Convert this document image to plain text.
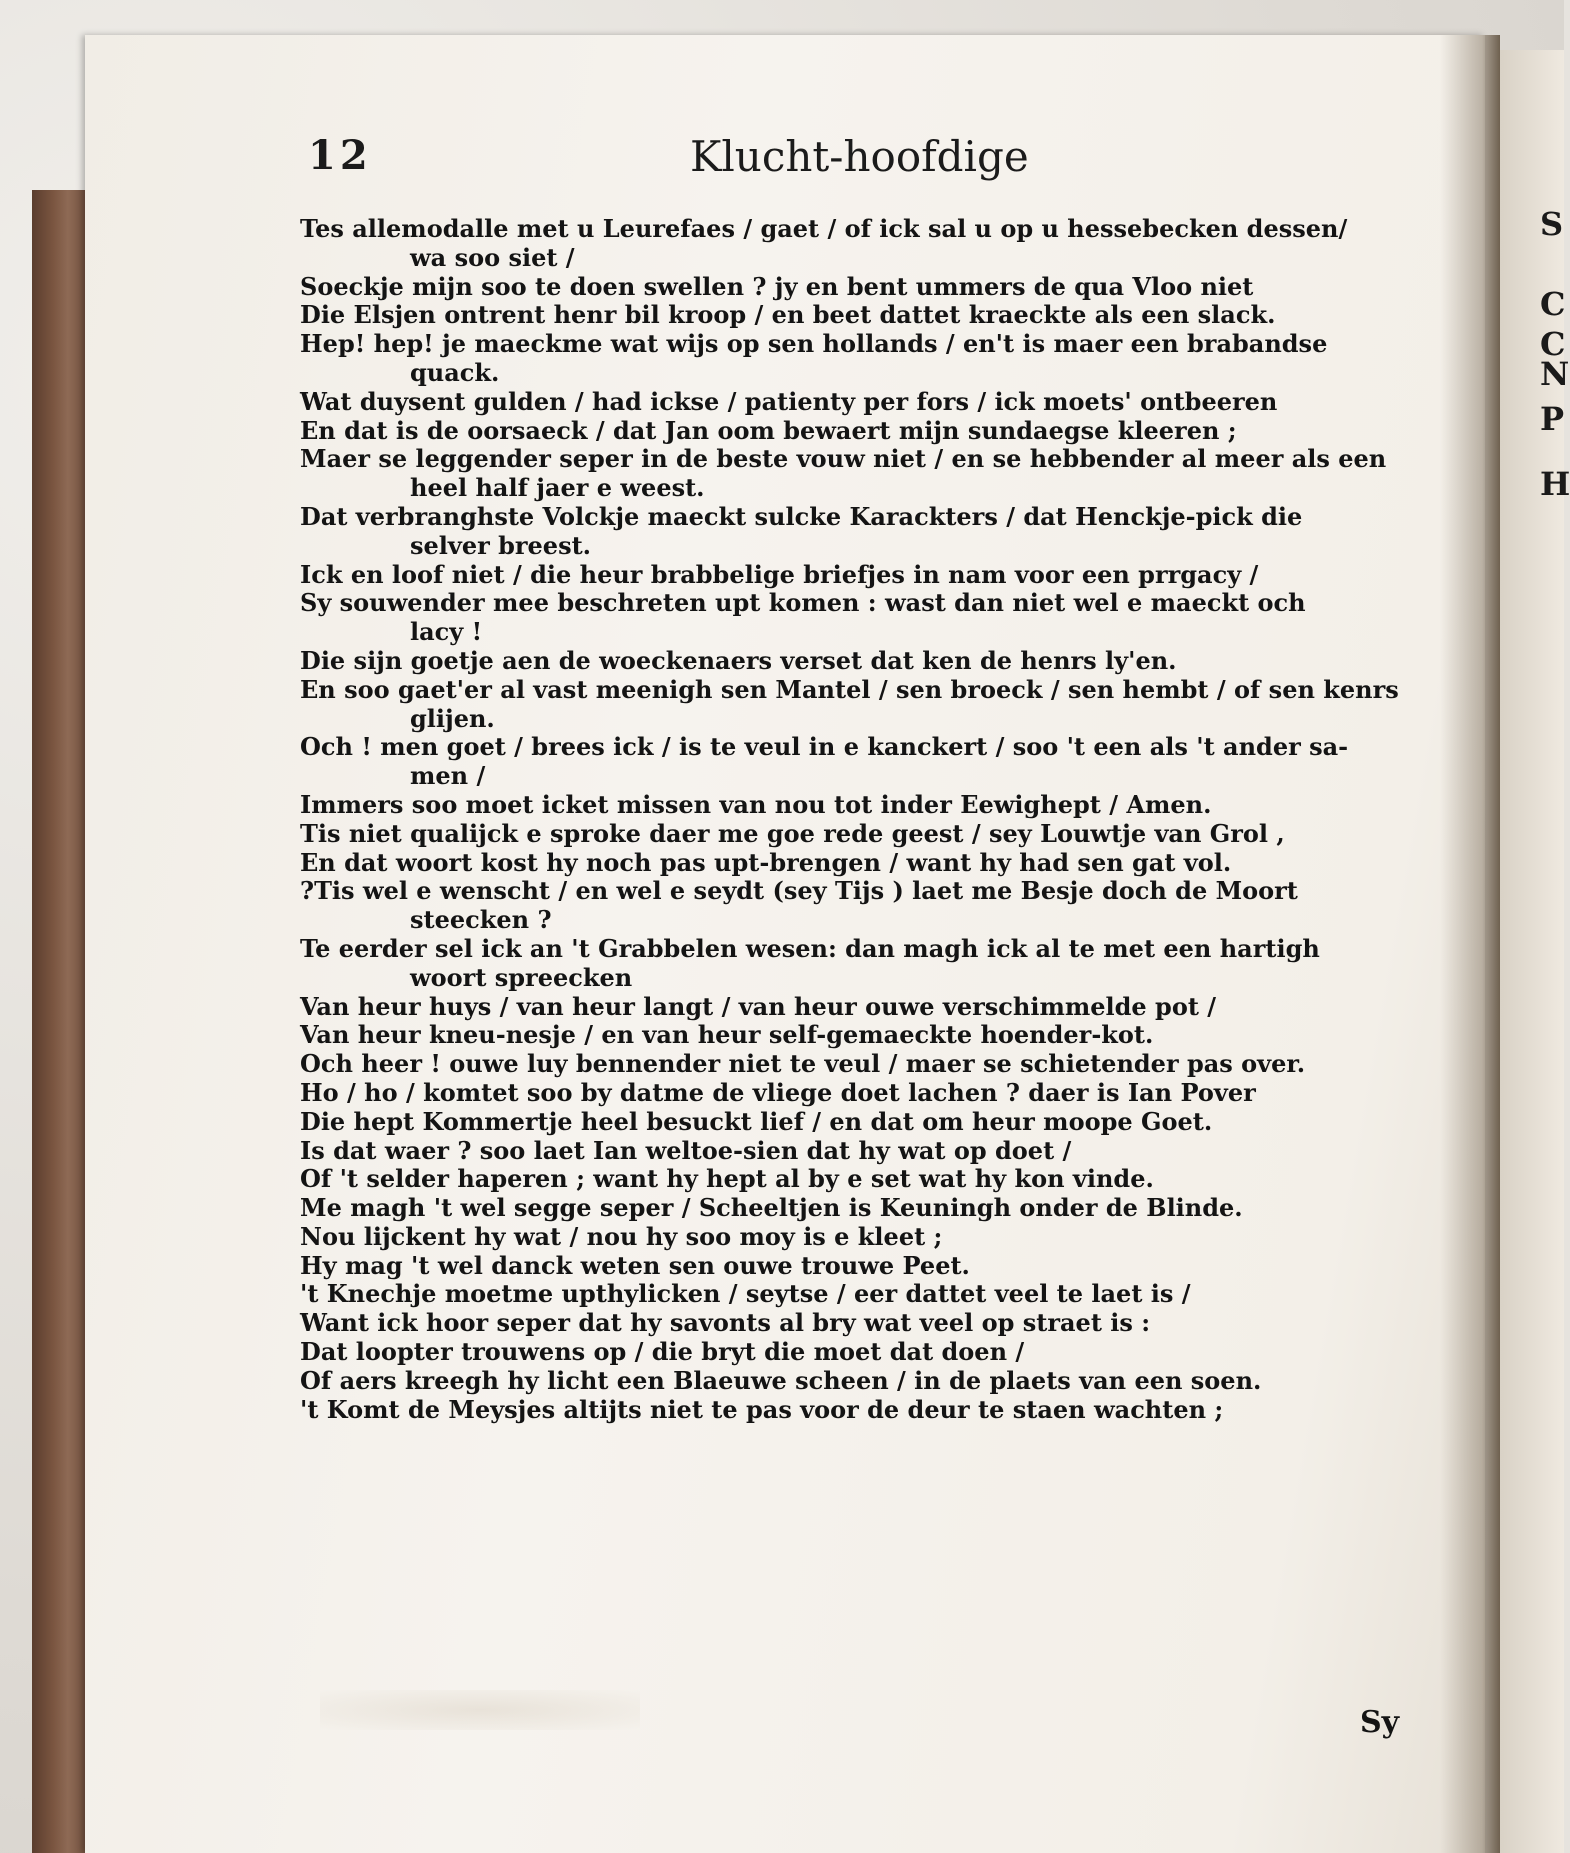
S
C
C
N
P
H
12	Klucht-hoofdige
Tes allemodalle met u Leurefaes / gaet / of ick sal u op u hessebecken dessen/
wa soo siet /
Soeckje mijn soo te doen swellen ? jy en bent ummers de qua Vloo niet
Die Elsjen ontrent henr bil kroop / en beet dattet kraeckte als een slack.
Hep! hep! je maeckme wat wijs op sen hollands / en't is maer een brabandse
quack.
Wat duysent gulden / had ickse / patienty per fors / ick moets' ontbeeren
En dat is de oorsaeck / dat Jan oom bewaert mijn sundaegse kleeren ;
Maer se leggender seper in de beste vouw niet / en se hebbender al meer als een
heel half jaer e weest.
Dat verbranghste Volckje maeckt sulcke Karackters / dat Henckje-pick die
selver breest.
Ick en loof niet / die heur brabbelige briefjes in nam voor een prrgacy /
Sy souwender mee beschreten upt komen : wast dan niet wel e maeckt och
lacy !
Die sijn goetje aen de woeckenaers verset dat ken de henrs ly'en.
En soo gaet'er al vast meenigh sen Mantel / sen broeck / sen hembt / of sen kenrs
glijen.
Och ! men goet / brees ick / is te veul in e kanckert / soo 't een als 't ander sa-
men /
Immers soo moet icket missen van nou tot inder Eewighept / Amen.
Tis niet qualijck e sproke daer me goe rede geest / sey Louwtje van Grol ,
En dat woort kost hy noch pas upt-brengen / want hy had sen gat vol.
?Tis wel e wenscht / en wel e seydt (sey Tijs ) laet me Besje doch de Moort
steecken ?
Te eerder sel ick an 't Grabbelen wesen: dan magh ick al te met een hartigh
woort spreecken
Van heur huys / van heur langt / van heur ouwe verschimmelde pot /
Van heur kneu-nesje / en van heur self-gemaeckte hoender-kot.
Och heer ! ouwe luy bennender niet te veul / maer se schietender pas over.
Ho / ho / komtet soo by datme de vliege doet lachen ? daer is Ian Pover
Die hept Kommertje heel besuckt lief / en dat om heur moope Goet.
Is dat waer ? soo laet Ian weltoe-sien dat hy wat op doet /
Of 't selder haperen ; want hy hept al by e set wat hy kon vinde.
Me magh 't wel segge seper / Scheeltjen is Keuningh onder de Blinde.
Nou lijckent hy wat / nou hy soo moy is e kleet ;
Hy mag 't wel danck weten sen ouwe trouwe Peet.
't Knechje moetme upthylicken / seytse / eer dattet veel te laet is /
Want ick hoor seper dat hy savonts al bry wat veel op straet is :
Dat loopter trouwens op / die bryt die moet dat doen /
Of aers kreegh hy licht een Blaeuwe scheen / in de plaets van een soen.
't Komt de Meysjes altijts niet te pas voor de deur te staen wachten ;
Sy
